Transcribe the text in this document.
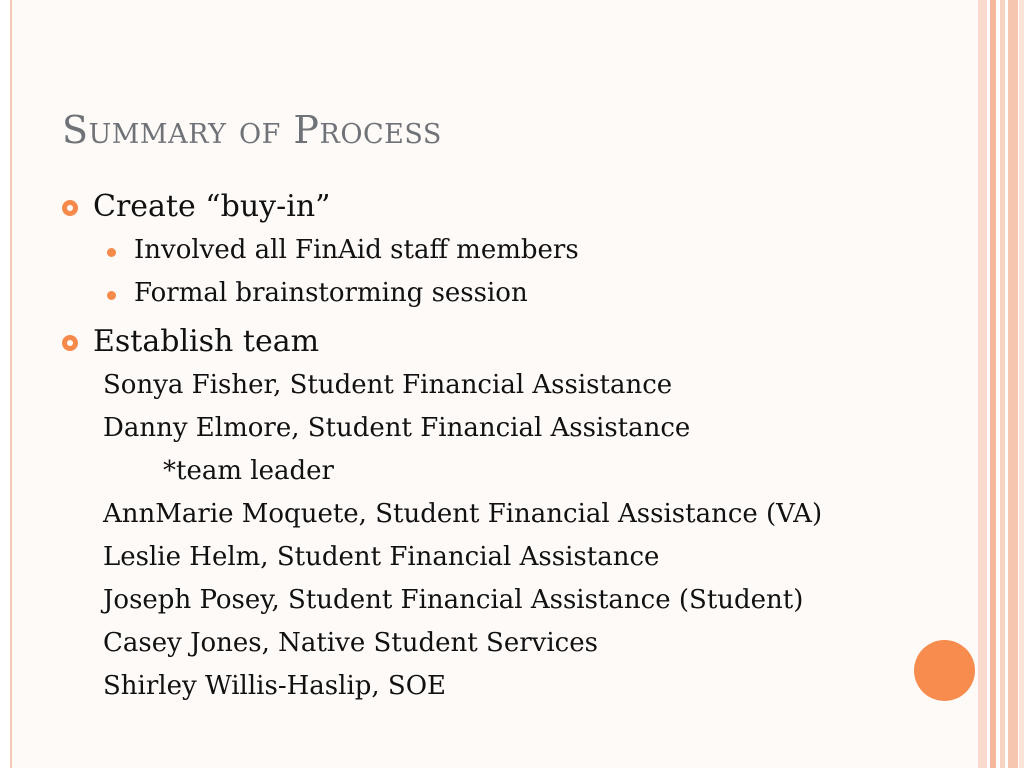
Summary of Process
Create “buy-in”
Involved all FinAid staff members
Formal brainstorming session
Establish team
Sonya Fisher, Student Financial Assistance
Danny Elmore, Student Financial Assistance
*team leader
AnnMarie Moquete, Student Financial Assistance (VA)
Leslie Helm, Student Financial Assistance
Joseph Posey, Student Financial Assistance (Student)
Casey Jones, Native Student Services
Shirley Willis-Haslip, SOE
